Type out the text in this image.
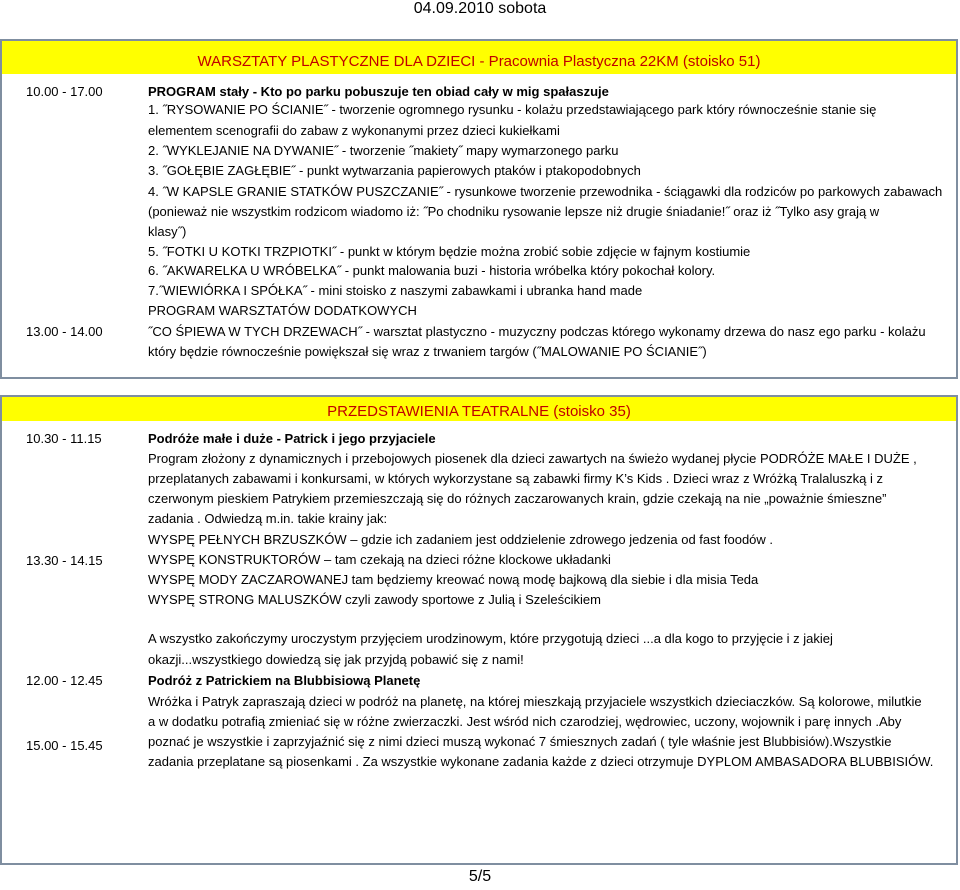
04.09.2010 sobota
WARSZTATY PLASTYCZNE DLA DZIECI - Pracownia Plastyczna 22KM (stoisko 51)
10.00 - 17.00	PROGRAM stały - Kto po parku pobuszuje ten obiad cały w mig spałaszuje
1. ˝RYSOWANIE PO ŚCIANIE˝ - tworzenie ogromnego rysunku - kolażu przedstawiającego park który równocześnie stanie się
elementem scenografii do zabaw z wykonanymi przez dzieci kukiełkami
2. ˝WYKLEJANIE NA DYWANIE˝ - tworzenie ˝makiety˝ mapy wymarzonego parku
3. ˝GOŁĘBIE ZAGŁĘBIE˝ - punkt wytwarzania papierowych ptaków i ptakopodobnych
4. ˝W KAPSLE GRANIE STATKÓW PUSZCZANIE˝ - rysunkowe tworzenie przewodnika - ściągawki dla rodziców po parkowych zabawach
(ponieważ nie wszystkim rodzicom wiadomo iż: ˝Po chodniku rysowanie lepsze niż drugie śniadanie!˝ oraz iż ˝Tylko asy grają w
klasy˝)
5. ˝FOTKI U KOTKI TRZPIOTKI˝ - punkt w którym będzie można zrobić sobie zdjęcie w fajnym kostiumie
6. ˝AKWARELKA U WRÓBELKA˝ - punkt malowania buzi - historia wróbelka który pokochał kolory.
7.˝WIEWIÓRKA I SPÓŁKA˝ - mini stoisko z naszymi zabawkami i ubranka hand made
PROGRAM WARSZTATÓW DODATKOWYCH
13.00 - 14.00	˝CO ŚPIEWA W TYCH DRZEWACH˝ - warsztat plastyczno - muzyczny podczas którego wykonamy drzewa do nasz ego parku - kolażu
który będzie równocześnie powiększał się wraz z trwaniem targów (˝MALOWANIE PO ŚCIANIE˝)
PRZEDSTAWIENIA TEATRALNE (stoisko 35)
10.30 - 11.15	Podróże małe i duże - Patrick i jego przyjaciele
Program złożony z dynamicznych i przebojowych piosenek dla dzieci zawartych na świeżo wydanej płycie PODRÓŻE MAŁE I DUŻE ,
przeplatanych zabawami i konkursami, w których wykorzystane są zabawki firmy K’s Kids . Dzieci wraz z Wróżką Tralaluszką i z
czerwonym pieskiem Patrykiem przemieszczają się do różnych zaczarowanych krain, gdzie czekają na nie „poważnie śmieszne”
zadania . Odwiedzą m.in. takie krainy jak:
WYSPĘ PEŁNYCH BRZUSZKÓW – gdzie ich zadaniem jest oddzielenie zdrowego jedzenia od fast foodów .
13.30 - 14.15	WYSPĘ KONSTRUKTORÓW – tam czekają na dzieci różne klockowe układanki
WYSPĘ MODY ZACZAROWANEJ tam będziemy kreować nową modę bajkową dla siebie i dla misia Teda
WYSPĘ STRONG MALUSZKÓW czyli zawody sportowe z Julią i Szeleścikiem
A wszystko zakończymy uroczystym przyjęciem urodzinowym, które przygotują dzieci ...a dla kogo to przyjęcie i z jakiej
okazji...wszystkiego dowiedzą się jak przyjdą pobawić się z nami!
12.00 - 12.45	Podróż z Patrickiem na Blubbisiową Planetę
Wróżka i Patryk zapraszają dzieci w podróż na planetę, na której mieszkają przyjaciele wszystkich dzieciaczków. Są kolorowe, milutkie
a w dodatku potrafią zmieniać się w różne zwierzaczki. Jest wśród nich czarodziej, wędrowiec, uczony, wojownik i parę innych .Aby
15.00 - 15.45	poznać je wszystkie i zaprzyjaźnić się z nimi dzieci muszą wykonać 7 śmiesznych zadań ( tyle właśnie jest Blubbisiów).Wszystkie
zadania przeplatane są piosenkami . Za wszystkie wykonane zadania każde z dzieci otrzymuje DYPLOM AMBASADORA BLUBBISIÓW.
5/5
